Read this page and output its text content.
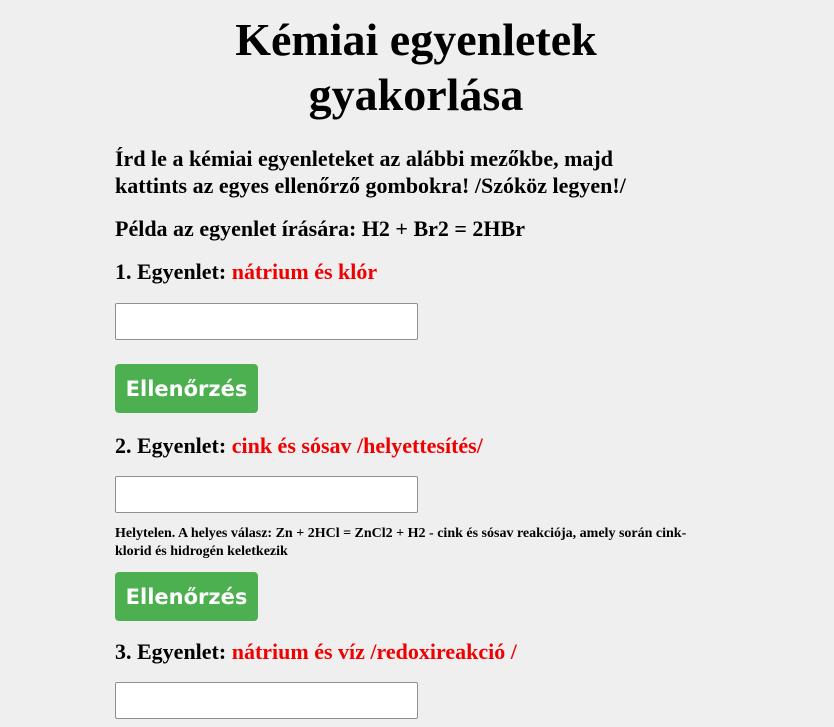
Kémiai egyenletek
gyakorlása

Írd le a kémiai egyenleteket az alábbi mezőkbe, majd kattints az egyes ellenőrző gombokra! /Szóköz legyen!/

Példa az egyenlet írására: H2 + Br2 = 2HBr

1. Egyenlet: nátrium és klór

Ellenőrzés

2. Egyenlet: cink és sósav /helyettesítés/

Helytelen. A helyes válasz: Zn + 2HCl = ZnCl2 + H2 - cink és sósav reakciója, amely során cink-klorid és hidrogén keletkezik

Ellenőrzés

3. Egyenlet: nátrium és víz /redoxireakció /
